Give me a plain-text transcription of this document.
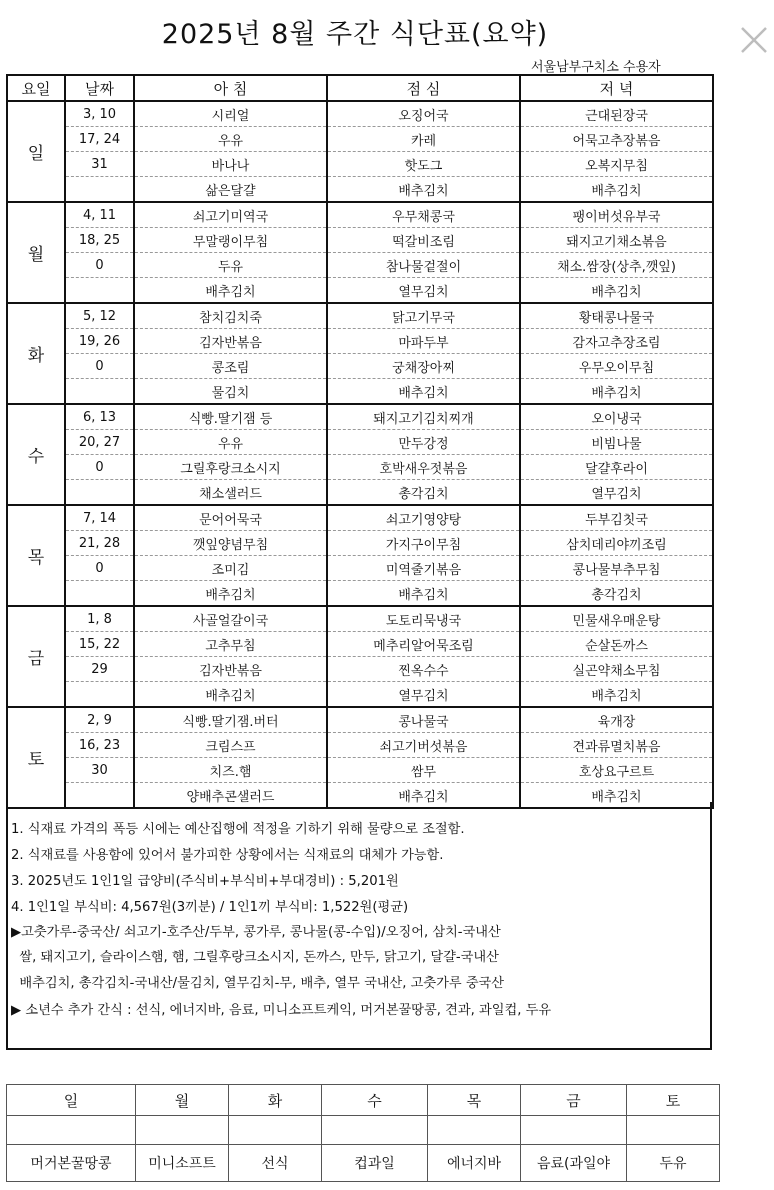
2025년 8월 주간 식단표(요약)
서울남부구치소 수용자
요일	날짜	아 침	점 심	저 녁
일	3, 10	시리얼	오징어국	근대된장국
	17, 24	우유	카레	어묵고추장볶음
	31	바나나	핫도그	오복지무침
		삶은달걀	배추김치	배추김치
월	4, 11	쇠고기미역국	우무채콩국	팽이버섯유부국
	18, 25	무말랭이무침	떡갈비조림	돼지고기채소볶음
	0	두유	참나물겉절이	채소.쌈장(상추,깻잎)
		배추김치	열무김치	배추김치
화	5, 12	참치김치죽	닭고기무국	황태콩나물국
	19, 26	김자반볶음	마파두부	감자고추장조림
	0	콩조림	궁채장아찌	우무오이무침
		물김치	배추김치	배추김치
수	6, 13	식빵.딸기잼 등	돼지고기김치찌개	오이냉국
	20, 27	우유	만두강정	비빔나물
	0	그릴후랑크소시지	호박새우젓볶음	달걀후라이
		채소샐러드	총각김치	열무김치
목	7, 14	문어어묵국	쇠고기영양탕	두부김칫국
	21, 28	깻잎양념무침	가지구이무침	삼치데리야끼조림
	0	조미김	미역줄기볶음	콩나물부추무침
		배추김치	배추김치	총각김치
금	1, 8	사골얼갈이국	도토리묵냉국	민물새우매운탕
	15, 22	고추무침	메추리알어묵조림	순살돈까스
	29	김자반볶음	찐옥수수	실곤약채소무침
		배추김치	열무김치	배추김치
토	2, 9	식빵.딸기잼.버터	콩나물국	육개장
	16, 23	크림스프	쇠고기버섯볶음	견과류멸치볶음
	30	치즈.햄	쌈무	호상요구르트
		양배추콘샐러드	배추김치	배추김치
1. 식재료 가격의 폭등 시에는 예산집행에 적정을 기하기 위해 물량으로 조절함.
2. 식재료를 사용함에 있어서 불가피한 상황에서는 식재료의 대체가 가능함.
3. 2025년도 1인1일 급양비(주식비+부식비+부대경비) : 5,201원
4. 1인1일 부식비: 4,567원(3끼분) / 1인1끼 부식비: 1,522원(평균)
▶고춧가루-중국산/ 쇠고기-호주산/두부, 콩가루, 콩나물(콩-수입)/오징어, 삼치-국내산
쌀, 돼지고기, 슬라이스햄, 햄, 그릴후랑크소시지, 돈까스, 만두, 닭고기, 달걀-국내산
배추김치, 총각김치-국내산/물김치, 열무김치-무, 배추, 열무 국내산, 고춧가루 중국산
▶ 소년수 추가 간식 : 선식, 에너지바, 음료, 미니소프트케익, 머거본꿀땅콩, 견과, 과일컵, 두유
일	월	화	수	목	금	토

머거본꿀땅콩	미니소프트	선식	컵과일	에너지바	음료(과일야	두유
